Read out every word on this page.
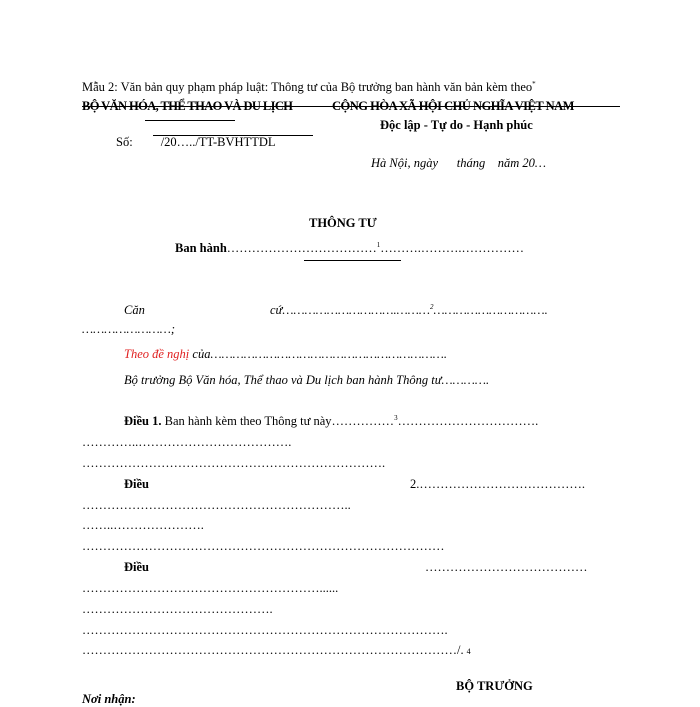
Mẫu 2: Văn bản quy phạm pháp luật: Thông tư của Bộ trưởng ban hành văn bản kèm theo*
BỘ VĂN HÓA, THỂ THAO VÀ DU LỊCH	CỘNG HÒA XÃ HỘI CHỦ NGHĨA VIỆT NAM
Độc lập - Tự do - Hạnh phúc
Số: /20…../TT-BVHTTDL
Hà Nội, ngày      tháng    năm 20…
THÔNG TƯ
Ban hành………………………………$^1$……….……….……………
Căn	cứ………………………….………$^2$………………………….
……………………;
Theo đề nghị của……………………………………………………….
Bộ trưởng Bộ Văn hóa, Thể thao và Du lịch ban hành Thông tư………….
Điều 1. Ban hành kèm theo Thông tư này……………$^3$…………………………….
…………..……………………………….
……………………………………………………………….
Điều	2.………………………………….
………………………………………………………..
……..………………….
……………………………………………………………………………
Điều	…………………………………
…………………………………………………......
……………………………………….
…………………………………………………………………………….
………………………………………………………………………………/. 4
BỘ TRƯỞNG
Nơi nhận:
